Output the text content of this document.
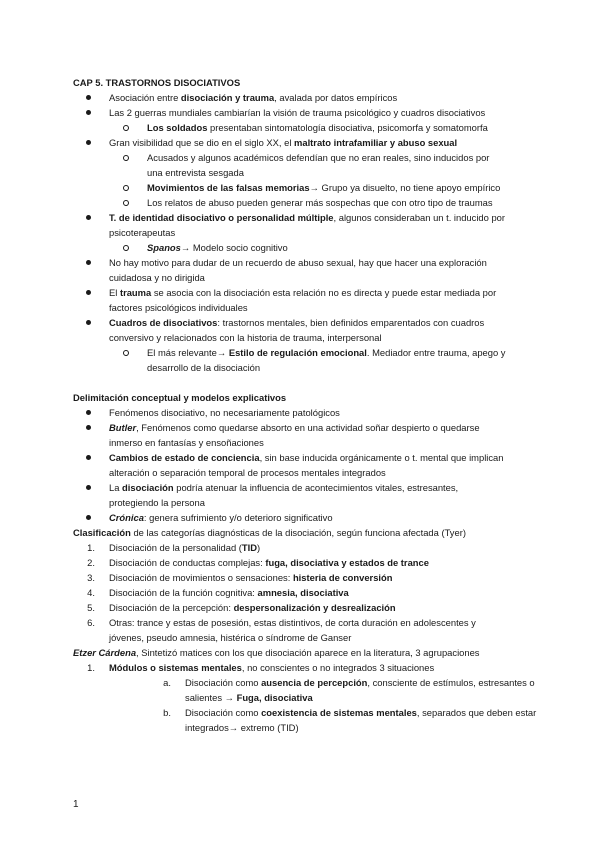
CAP 5. TRASTORNOS DISOCIATIVOS
Asociación entre disociación y trauma, avalada por datos empíricos
Las 2 guerras mundiales cambiarían la visión de trauma psicológico y cuadros disociativos
Los soldados presentaban sintomatología disociativa, psicomorfa y somatomorfa
Gran visibilidad que se dio en el siglo XX, el maltrato intrafamiliar y abuso sexual
Acusados y algunos académicos defendían que no eran reales, sino inducidos por
una entrevista sesgada
Movimientos de las falsas memorias→ Grupo ya disuelto, no tiene apoyo empírico
Los relatos de abuso pueden generar más sospechas que con otro tipo de traumas
T. de identidad disociativo o personalidad múltiple, algunos consideraban un t. inducido por
psicoterapeutas
Spanos→ Modelo socio cognitivo
No hay motivo para dudar de un recuerdo de abuso sexual, hay que hacer una exploración
cuidadosa y no dirigida
El trauma se asocia con la disociación esta relación no es directa y puede estar mediada por
factores psicológicos individuales
Cuadros de disociativos: trastornos mentales, bien definidos emparentados con cuadros
conversivo y relacionados con la historia de trauma, interpersonal
El más relevante→ Estilo de regulación emocional. Mediador entre trauma, apego y
desarrollo de la disociación
Delimitación conceptual y modelos explicativos
Fenómenos disociativo, no necesariamente patológicos
Butler, Fenómenos como quedarse absorto en una actividad soñar despierto o quedarse
inmerso en fantasías y ensoñaciones
Cambios de estado de conciencia, sin base inducida orgánicamente o t. mental que implican
alteración o separación temporal de procesos mentales integrados
La disociación podría atenuar la influencia de acontecimientos vitales, estresantes,
protegiendo la persona
Crónica: genera sufrimiento y/o deterioro significativo
Clasificación de las categorías diagnósticas de la disociación, según funciona afectada (Tyer)
1. Disociación de la personalidad (TID)
2. Disociación de conductas complejas: fuga, disociativa y estados de trance
3. Disociación de movimientos o sensaciones: histeria de conversión
4. Disociación de la función cognitiva: amnesia, disociativa
5. Disociación de la percepción: despersonalización y desrealización
6. Otras: trance y estas de posesión, estas distintivos, de corta duración en adolescentes y
jóvenes, pseudo amnesia, histérica o síndrome de Ganser
Etzer Cárdena, Sintetizó matices con los que disociación aparece en la literatura, 3 agrupaciones
1. Módulos o sistemas mentales, no conscientes o no integrados 3 situaciones
a. Disociación como ausencia de percepción, consciente de estímulos, estresantes o
salientes → Fuga, disociativa
b. Disociación como coexistencia de sistemas mentales, separados que deben estar
integrados→ extremo (TID)
1
